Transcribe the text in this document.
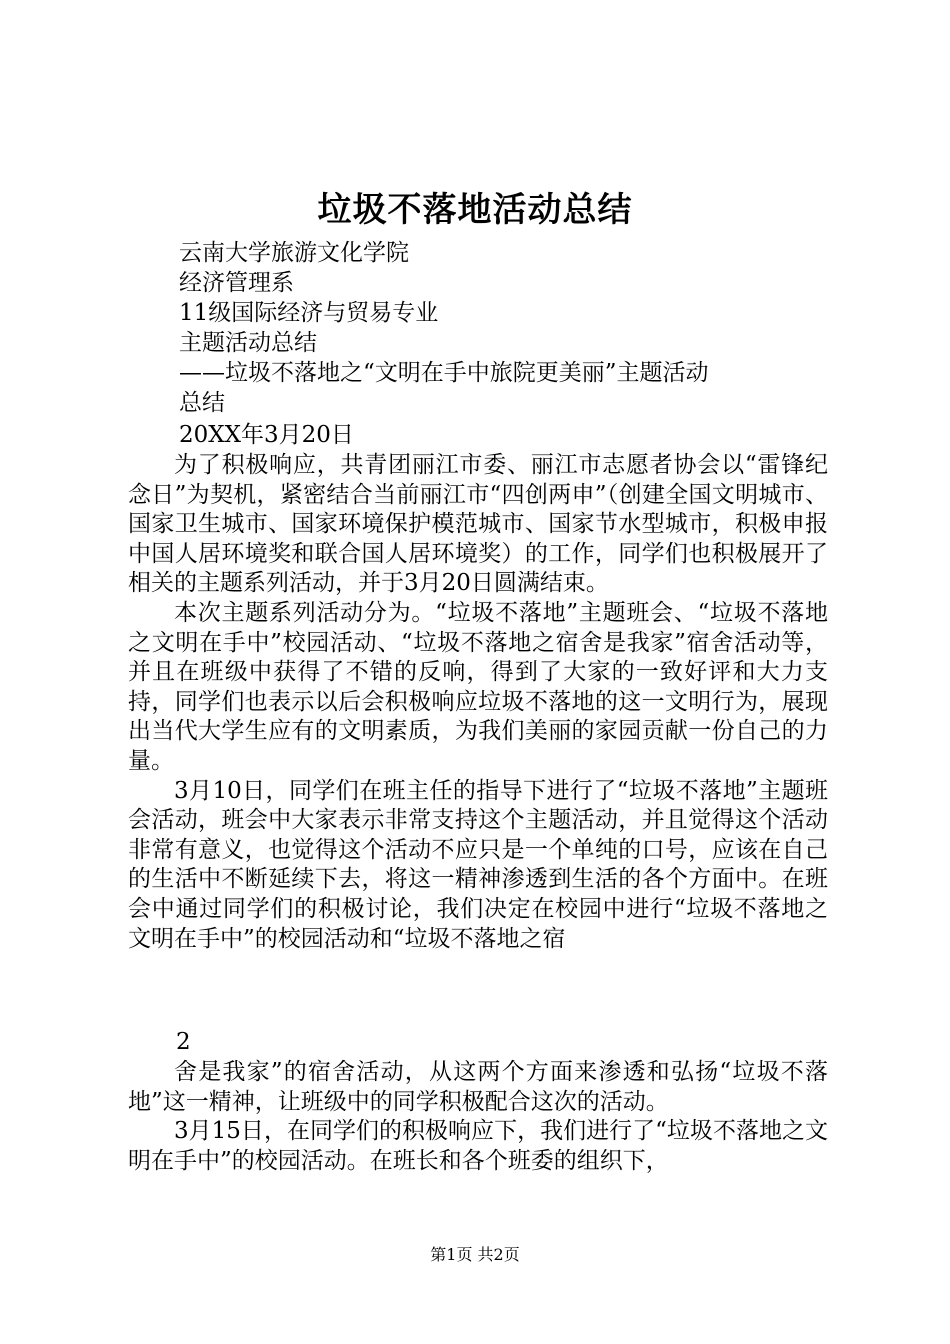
垃圾不落地活动总结
云南大学旅游文化学院
经济管理系
11级国际经济与贸易专业
主题活动总结
——垃圾不落地之“文明在手中旅院更美丽”主题活动
总结
20XX年3月20日

为了积极响应，共青团丽江市委、丽江市志愿者协会以“雷锋纪念日”为契机，紧密结合当前丽江市“四创两申”（创建全国文明城市、国家卫生城市、国家环境保护模范城市、国家节水型城市，积极申报中国人居环境奖和联合国人居环境奖）的工作，同学们也积极展开了相关的主题系列活动，并于3月20日圆满结束。

本次主题系列活动分为。“垃圾不落地”主题班会、“垃圾不落地之文明在手中”校园活动、“垃圾不落地之宿舍是我家”宿舍活动等，并且在班级中获得了不错的反响，得到了大家的一致好评和大力支持，同学们也表示以后会积极响应垃圾不落地的这一文明行为，展现出当代大学生应有的文明素质，为我们美丽的家园贡献一份自己的力量。

3月10日，同学们在班主任的指导下进行了“垃圾不落地”主题班会活动，班会中大家表示非常支持这个主题活动，并且觉得这个活动非常有意义，也觉得这个活动不应只是一个单纯的口号，应该在自己的生活中不断延续下去，将这一精神渗透到生活的各个方面中。在班会中通过同学们的积极讨论，我们决定在校园中进行“垃圾不落地之文明在手中”的校园活动和“垃圾不落地之宿

2

舍是我家”的宿舍活动，从这两个方面来渗透和弘扬“垃圾不落地”这一精神，让班级中的同学积极配合这次的活动。

3月15日，在同学们的积极响应下，我们进行了“垃圾不落地之文明在手中”的校园活动。在班长和各个班委的组织下，

第1页 共2页
